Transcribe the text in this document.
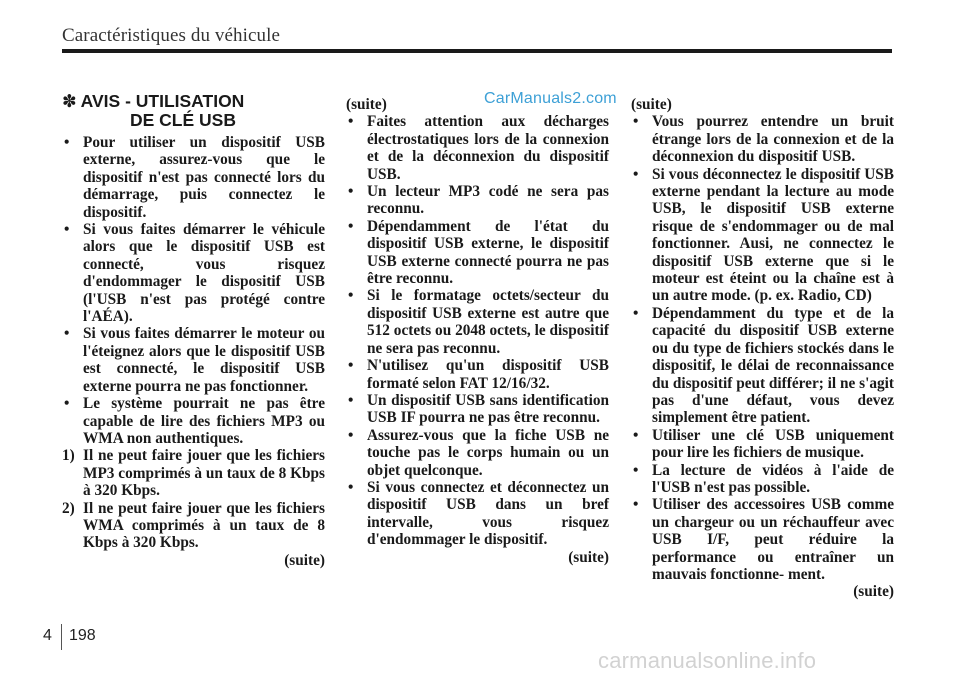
Caractéristiques du véhicule
CarManuals2.com
✽ AVIS - UTILISATION
DE CLÉ USB

• Pour utiliser un dispositif USB externe, assurez-vous que le dispositif n'est pas connecté lors du démarrage, puis connectez le dispositif.

• Si vous faites démarrer le véhicule alors que le dispositif USB est connecté, vous risquez d'endommager le dispositif USB (l'USB n'est pas protégé contre l'AÉA).

• Si vous faites démarrer le moteur ou l'éteignez alors que le dispositif USB est connecté, le dispositif USB externe pourra ne pas fonctionner.

• Le système pourrait ne pas être capable de lire des fichiers MP3 ou WMA non authentiques.

1) Il ne peut faire jouer que les fichiers MP3 comprimés à un taux de 8 Kbps à 320 Kbps.

2) Il ne peut faire jouer que les fichiers WMA comprimés à un taux de 8 Kbps à 320 Kbps.

(suite)

(suite)

• Faites attention aux décharges électrostatiques lors de la connexion et de la déconnexion du dispositif USB.

• Un lecteur MP3 codé ne sera pas reconnu.

• Dépendamment de l'état du dispositif USB externe, le dispositif USB externe connecté pourra ne pas être reconnu.

• Si le formatage octets/secteur du dispositif USB externe est autre que 512 octets ou 2048 octets, le dispositif ne sera pas reconnu.

• N'utilisez qu'un dispositif USB formaté selon FAT 12/16/32.

• Un dispositif USB sans identification USB IF pourra ne pas être reconnu.

• Assurez-vous que la fiche USB ne touche pas le corps humain ou un objet quelconque.

• Si vous connectez et déconnectez un dispositif USB dans un bref intervalle, vous risquez d'endommager le dispositif.

(suite)

(suite)

• Vous pourrez entendre un bruit étrange lors de la connexion et de la déconnexion du dispositif USB.

• Si vous déconnectez le dispositif USB externe pendant la lecture au mode USB, le dispositif USB externe risque de s'endommager ou de mal fonctionner. Ausi, ne connectez le dispositif USB externe que si le moteur est éteint ou la chaîne est à un autre mode. (p. ex. Radio, CD)

• Dépendamment du type et de la capacité du dispositif USB externe ou du type de fichiers stockés dans le dispositif, le délai de reconnaissance du dispositif peut différer; il ne s'agit pas d'une défaut, vous devez simplement être patient.

• Utiliser une clé USB uniquement pour lire les fichiers de musique.

• La lecture de vidéos à l'aide de l'USB n'est pas possible.

• Utiliser des accessoires USB comme un chargeur ou un réchauffeur avec USB I/F, peut réduire la performance ou entraîner un mauvais fonctionne- ment.

(suite)

4 198
carmanualsonline.info
